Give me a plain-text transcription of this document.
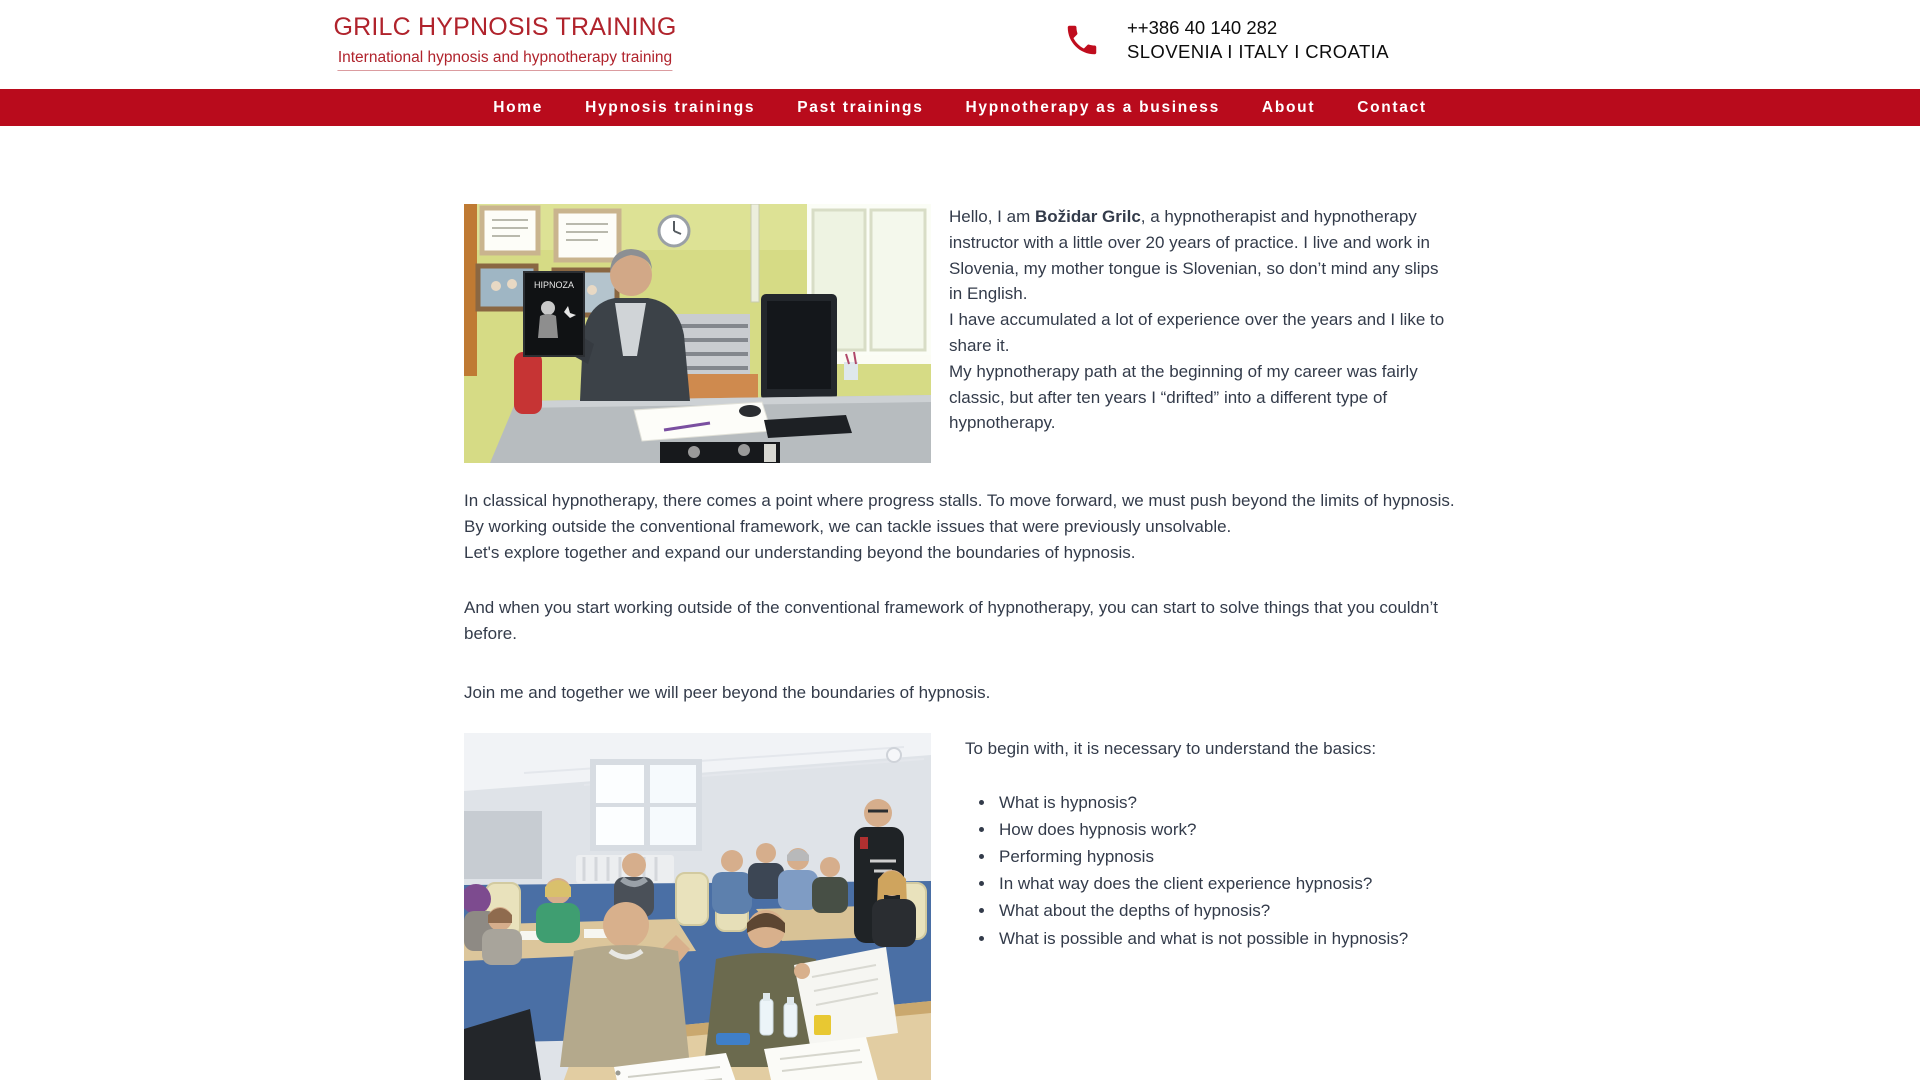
GRILC HYPNOSIS TRAINING
International hypnosis and hypnotherapy training
++386 40 140 282
SLOVENIA I ITALY I CROATIA
Home	Hypnosis trainings	Past trainings	Hypnotherapy as a business	About	Contact
HIPNOZA

Hello, I am Božidar Grilc, a hypnotherapist and hypnotherapy instructor with a little over 20 years of practice. I live and work in Slovenia, my mother tongue is Slovenian, so don’t mind any slips in English.

I have accumulated a lot of experience over the years and I like to share it.

My hypnotherapy path at the beginning of my career was fairly classic, but after ten years I “drifted” into a different type of hypnotherapy.

In classical hypnotherapy, there comes a point where progress stalls. To move forward, we must push beyond the limits of hypnosis. By working outside the conventional framework, we can tackle issues that were previously unsolvable.

Let's explore together and expand our understanding beyond the boundaries of hypnosis.

And when you start working outside of the conventional framework of hypnotherapy, you can start to solve things that you couldn’t before.

Join me and together we will peer beyond the boundaries of hypnosis.

To begin with, it is necessary to understand the basics:

• What is hypnosis?
• How does hypnosis work?
• Performing hypnosis
• In what way does the client experience hypnosis?
• What about the depths of hypnosis?
• What is possible and what is not possible in hypnosis?
